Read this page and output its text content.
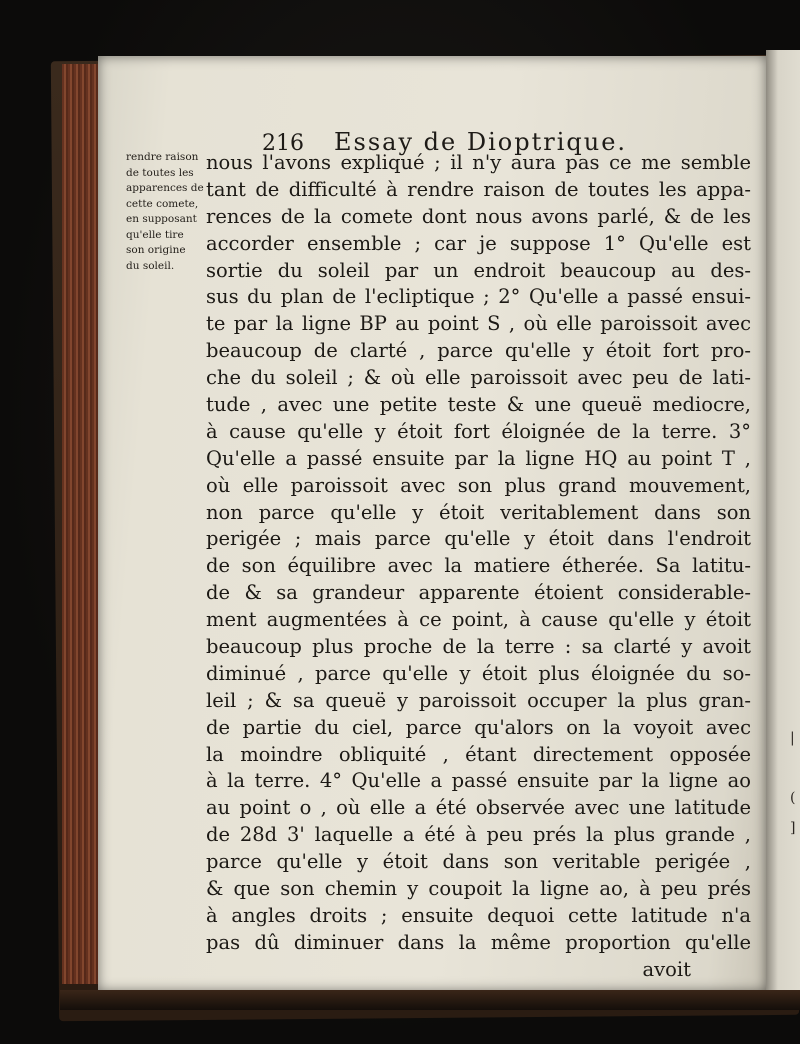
|
(
]
216 Essay de Dioptrique.
rendre raison
de toutes les
apparences de
cette comete,
en supposant
qu'elle tire
son origine
du soleil.
nous l'avons expliqué ; il n'y aura pas ce me semble
tant de difficulté à rendre raison de toutes les appa-
rences de la comete dont nous avons parlé, & de les
accorder ensemble ; car je suppose 1° Qu'elle est
sortie du soleil par un endroit beaucoup au des-
sus du plan de l'ecliptique ; 2° Qu'elle a passé ensui-
te par la ligne BP au point S , où elle paroissoit avec
beaucoup de clarté , parce qu'elle y étoit fort pro-
che du soleil ; & où elle paroissoit avec peu de lati-
tude , avec une petite teste & une queuë mediocre,
à cause qu'elle y étoit fort éloignée de la terre. 3°
Qu'elle a passé ensuite par la ligne HQ au point T ,
où elle paroissoit avec son plus grand mouvement,
non parce qu'elle y étoit veritablement dans son
perigée ; mais parce qu'elle y étoit dans l'endroit
de son équilibre avec la matiere étherée. Sa latitu-
de & sa grandeur apparente étoient considerable-
ment augmentées à ce point, à cause qu'elle y étoit
beaucoup plus proche de la terre : sa clarté y avoit
diminué , parce qu'elle y étoit plus éloignée du so-
leil ; & sa queuë y paroissoit occuper la plus gran-
de partie du ciel, parce qu'alors on la voyoit avec
la moindre obliquité , étant directement opposée
à la terre. 4° Qu'elle a passé ensuite par la ligne ao
au point o , où elle a été observée avec une latitude
de 28d 3' laquelle a été à peu prés la plus grande ,
parce qu'elle y étoit dans son veritable perigée ,
& que son chemin y coupoit la ligne ao, à peu prés
à angles droits ; ensuite dequoi cette latitude n'a
pas dû diminuer dans la même proportion qu'elle
avoit
